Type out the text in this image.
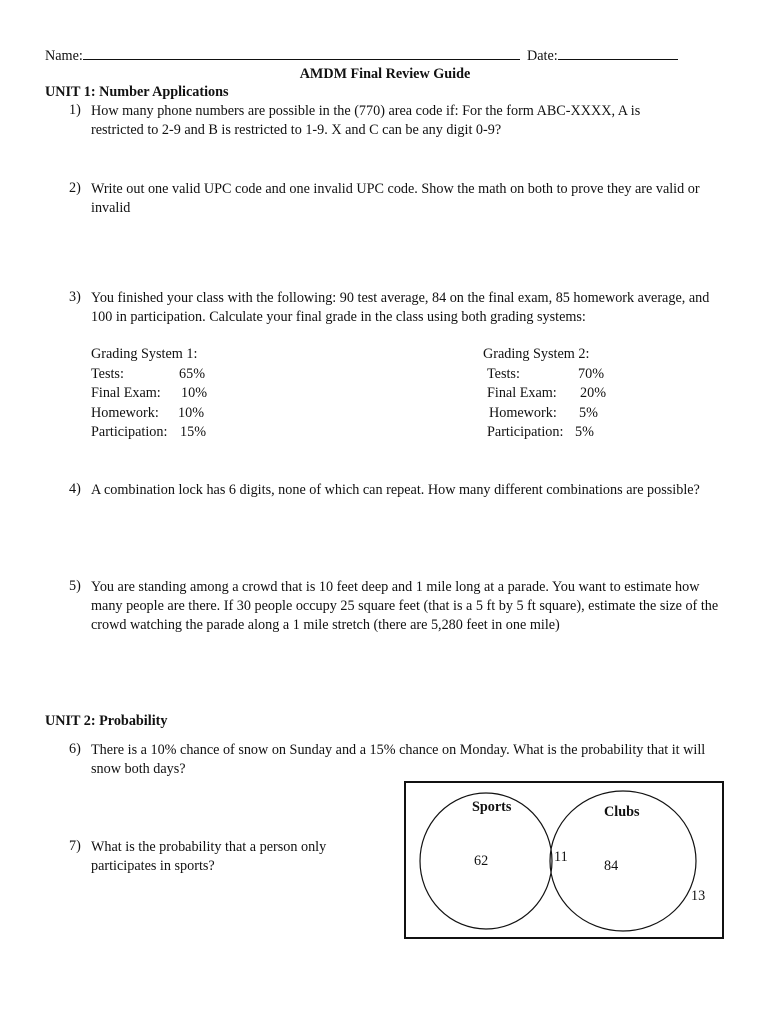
Name:	Date:
AMDM Final Review Guide
UNIT 1: Number Applications
1) How many phone numbers are possible in the (770) area code if: For the form ABC-XXXX, A is restricted to 2-9 and B is restricted to 1-9. X and C can be any digit 0-9?
2) Write out one valid UPC code and one invalid UPC code. Show the math on both to prove they are valid or invalid
3) You finished your class with the following: 90 test average, 84 on the final exam, 85 homework average, and 100 in participation. Calculate your final grade in the class using both grading systems:
Grading System 1:
Tests:	65%
Final Exam: 10%
Homework: 10%
Participation: 15%
Grading System 2:
Tests:	70%
Final Exam: 20%
Homework: 5%
Participation: 5%
4) A combination lock has 6 digits, none of which can repeat. How many different combinations are possible?
5) You are standing among a crowd that is 10 feet deep and 1 mile long at a parade. You want to estimate how many people are there. If 30 people occupy 25 square feet (that is a 5 ft by 5 ft square), estimate the size of the crowd watching the parade along a 1 mile stretch (there are 5,280 feet in one mile)
UNIT 2: Probability
6) There is a 10% chance of snow on Sunday and a 15% chance on Monday. What is the probability that it will snow both days?
7) What is the probability that a person only participates in sports?
Sports	Clubs
62	11
84
13
